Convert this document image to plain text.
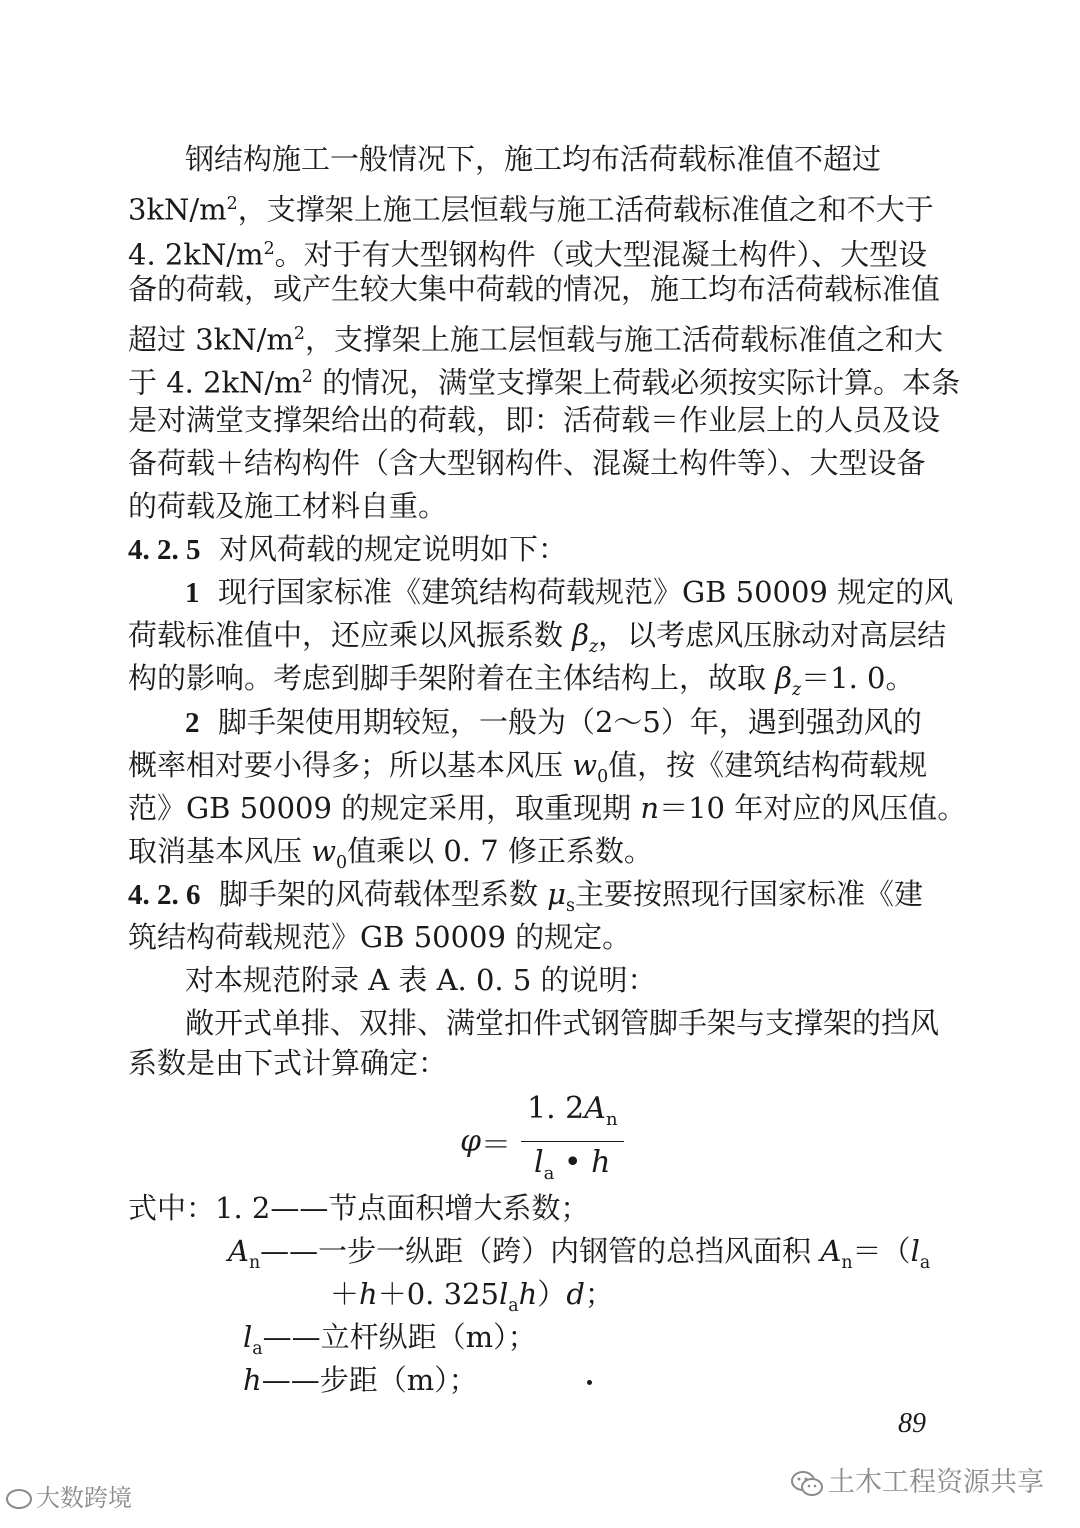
钢结构施工一般情况下，施工均布活荷载标准值不超过
$3kN/m^2$，支撑架上施工层恒载与施工活荷载标准值之和不大于
4. $2kN/m^2$。对于有大型钢构件（或大型混凝土构件）、大型设
备的荷载，或产生较大集中荷载的情况，施工均布活荷载标准值
超过 $3kN/m^2$，支撑架上施工层恒载与施工活荷载标准值之和大
于 4. $2kN/m^2$ 的情况，满堂支撑架上荷载必须按实际计算。本条
是对满堂支撑架给出的荷载，即：活荷载＝作业层上的人员及设
备荷载＋结构构件（含大型钢构件、混凝土构件等）、大型设备
的荷载及施工材料自重。
4. 2. 5 对风荷载的规定说明如下：
1 现行国家标准《建筑结构荷载规范》GB 50009 规定的风
荷载标准值中，还应乘以风振系数 $\beta_z$，以考虑风压脉动对高层结
构的影响。考虑到脚手架附着在主体结构上，故取 $\beta_z=1$. 0。
2 脚手架使用期较短，一般为（2～5）年，遇到强劲风的
概率相对要小得多；所以基本风压 $w_0$值，按《建筑结构荷载规
范》GB 50009 的规定采用，取重现期 n＝10 年对应的风压值。
取消基本风压 $w_0$值乘以 0. 7 修正系数。
4. 2. 6 脚手架的风荷载体型系数 $\mu_s$主要按照现行国家标准《建
筑结构荷载规范》GB 50009 的规定。
对本规范附录 A 表 A. 0. 5 的说明：
敞开式单排、双排、满堂扣件式钢管脚手架与支撑架的挡风
系数是由下式计算确定：
$\varphi = \frac{1. 2A_n}{l_a • h}$
式中：1. 2——节点面积增大系数；
$A_n——$一步一纵距（跨）内钢管的总挡风面积 $A_n=(l_a$
＋h＋0. $325l_ah)d$；
$l_a——$立杆纵距（m）；
h——步距（m）；
89
大数跨境	土木工程资源共享
